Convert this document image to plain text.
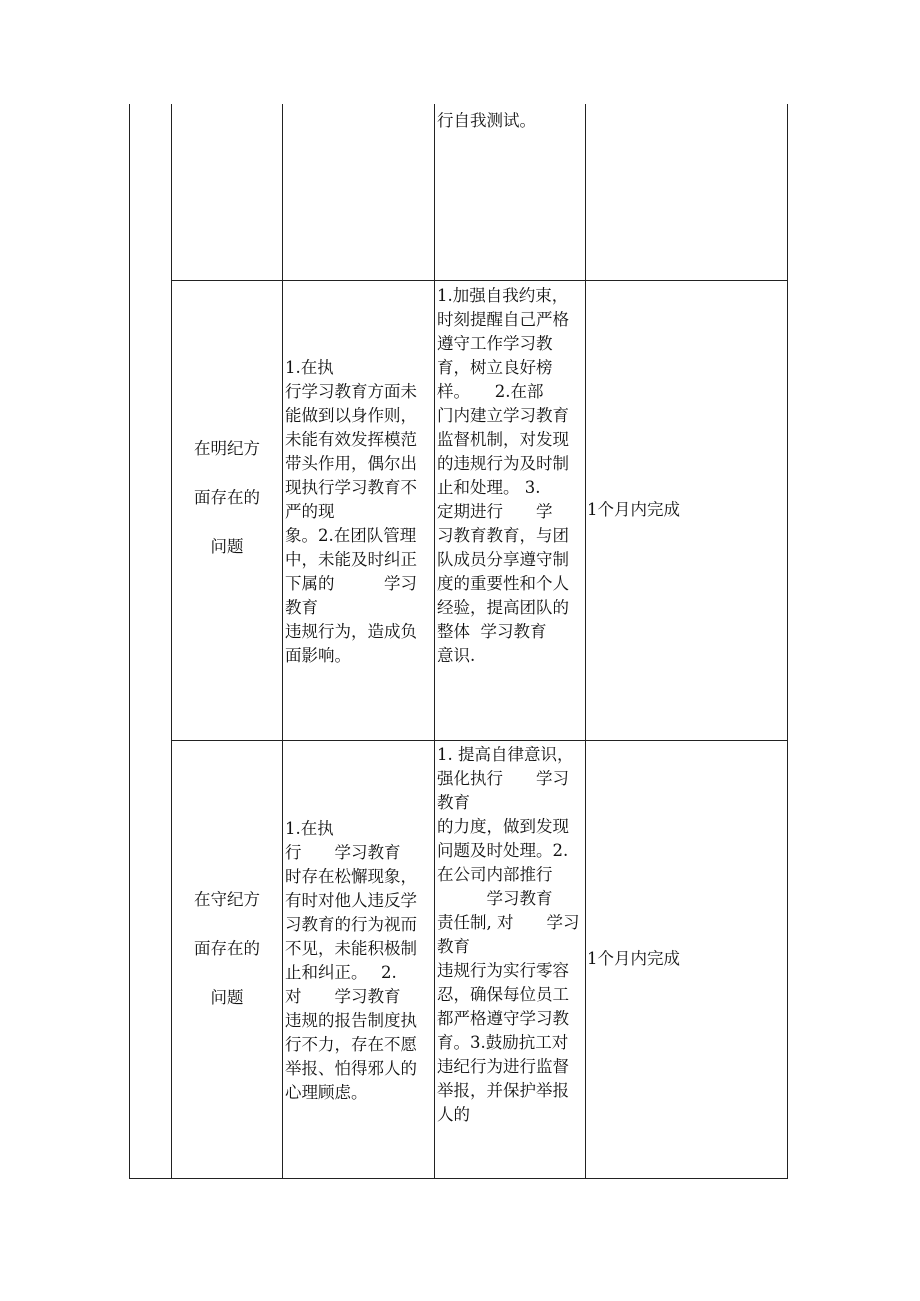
行自我测试。
在明纪方
面存在的
问题
1.在执
行学习教育方面未
能做到以身作则，
未能有效发挥模范
带头作用，偶尔出
现执行学习教育不
严的现
象。2.在团队管理
中，未能及时纠正
下属的　　　学习
教育
违规行为，造成负
面影响。
1.加强自我约束，
时刻提醒自己严格
遵守工作学习教
育，树立良好榜
样。　　2.在部
门内建立学习教育
监督机制，对发现
的违规行为及时制
止和处理。 3.
定期进行　　学
习教育教育，与团
队成员分享遵守制
度的重要性和个人
经验，提高团队的
整体  学习教育
意识.
1个月内完成
在守纪方
面存在的
问题
1.在执
行　　学习教育
时存在松懈现象，
有时对他人违反学
习教育的行为视而
不见，未能积极制
止和纠正。　 2.
对　　学习教育
违规的报告制度执
行不力，存在不愿
举报、怕得邪人的
心理顾虑。
1. 提高自律意识，
强化执行　　学习
教育
的力度，做到发现
问题及时处理。2.
在公司内部推行
　　　学习教育
责任制, 对　　学习
教育
违规行为实行零容
忍，确保每位员工
都严格遵守学习教
育。3.鼓励抗工对
违纪行为进行监督
举报，并保护举报
人的
1个月内完成
